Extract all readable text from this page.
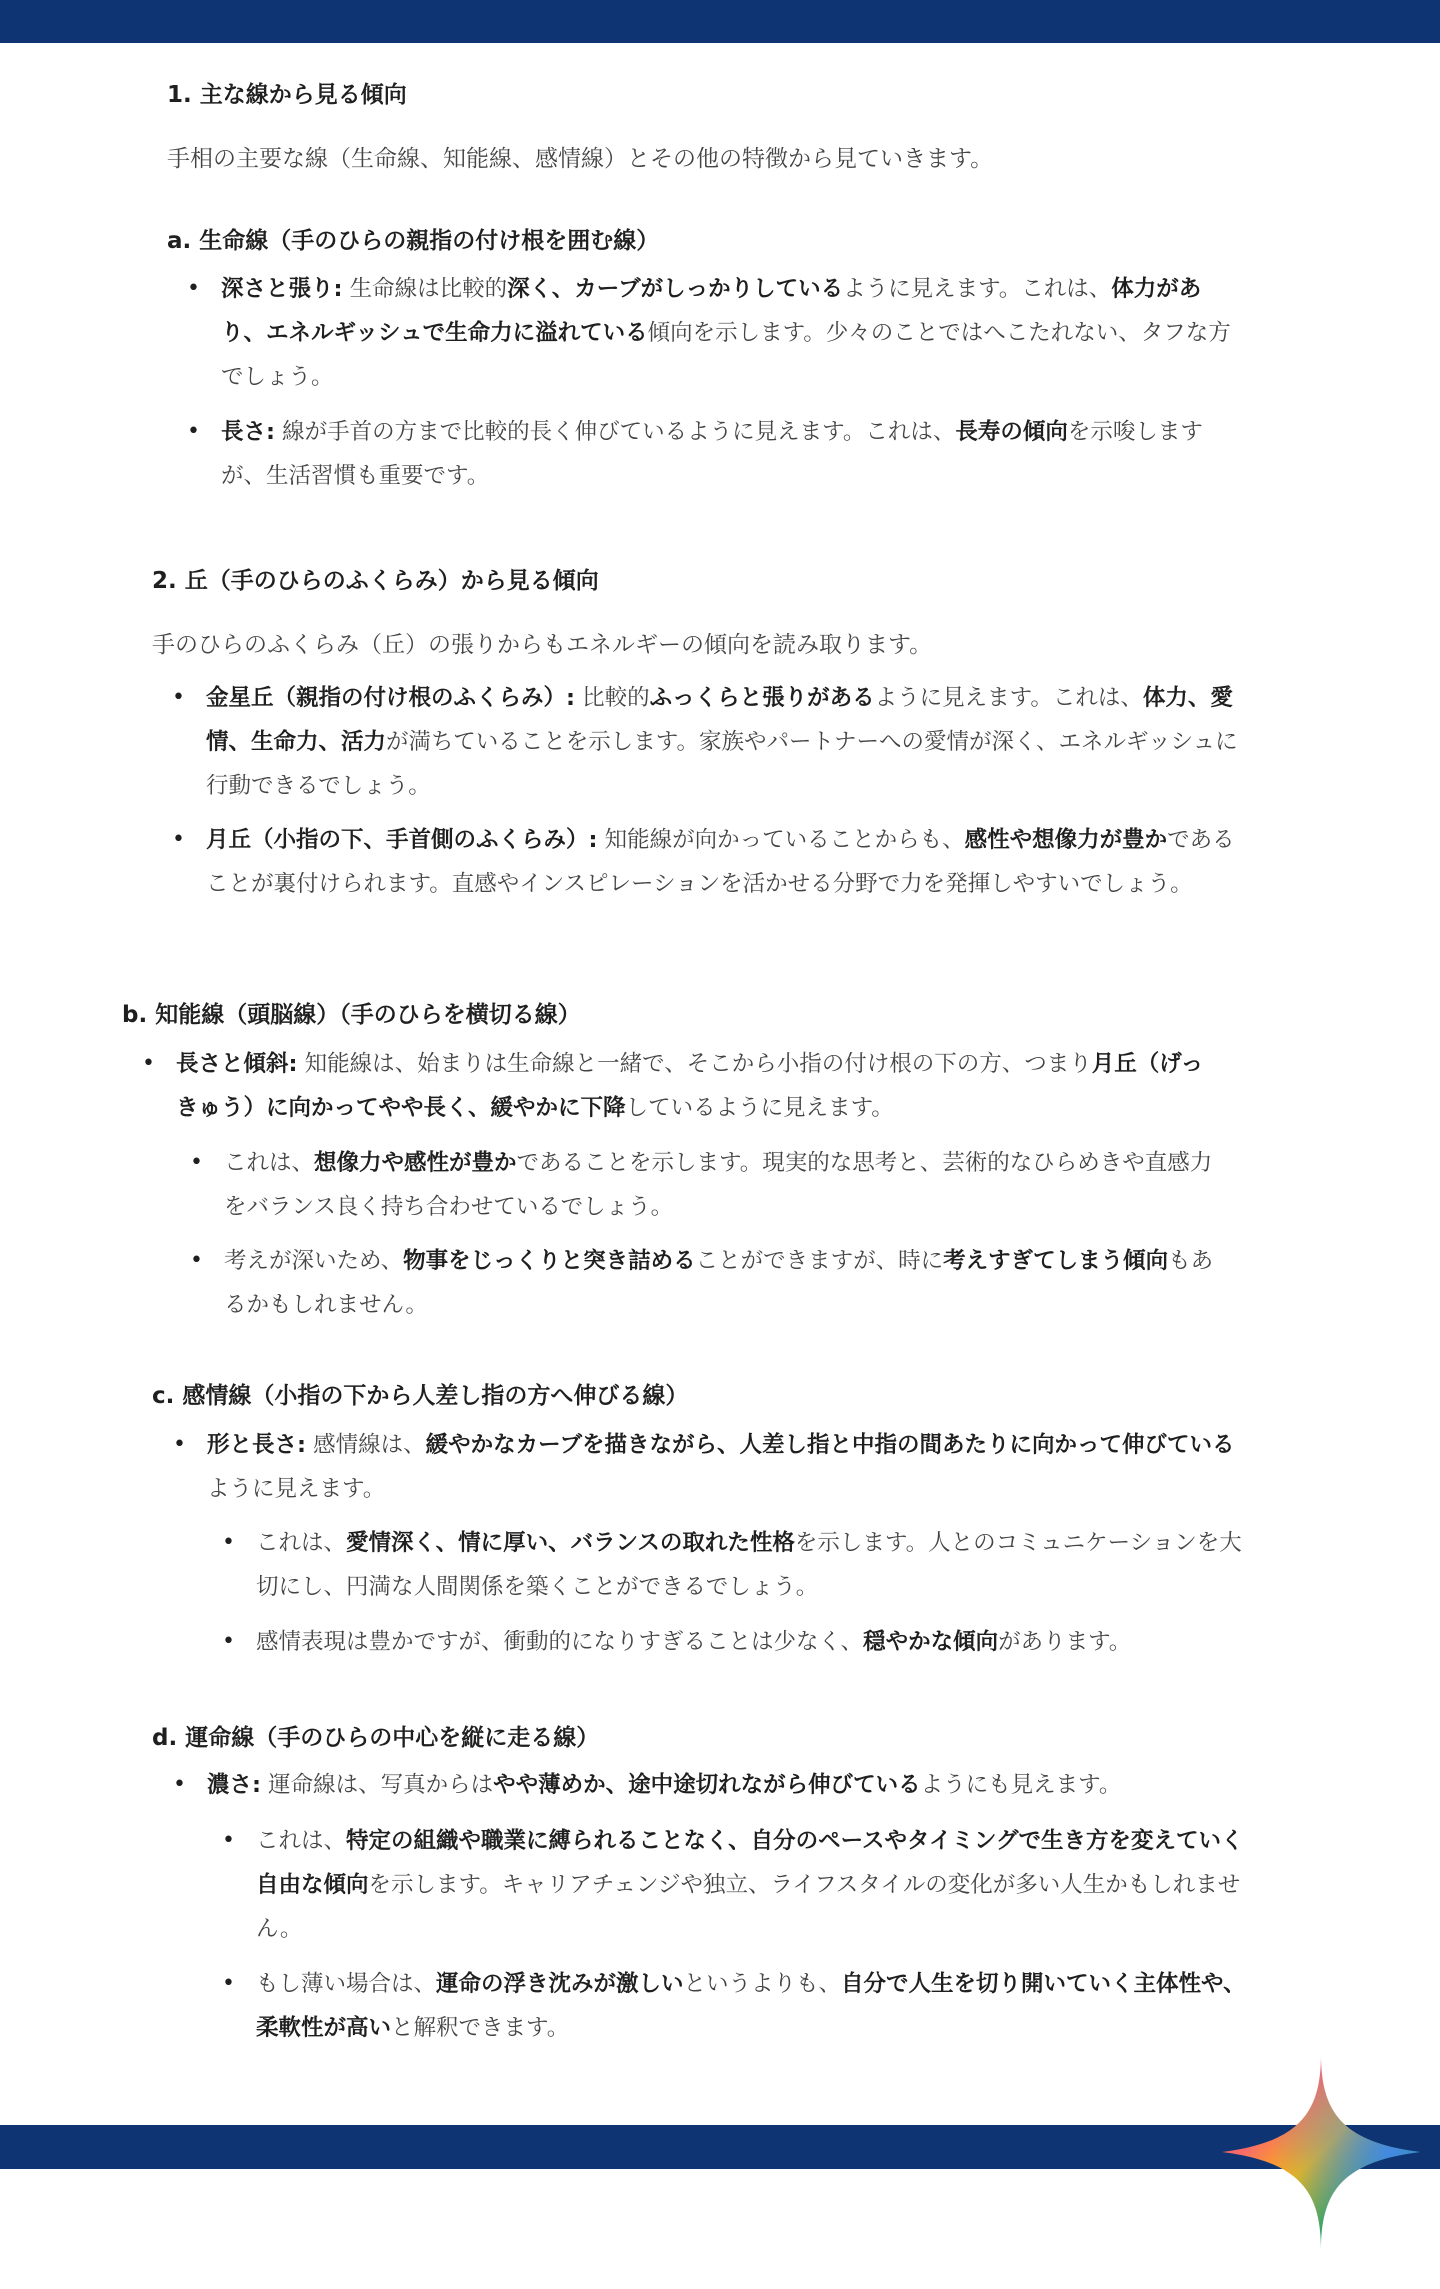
1. 主な線から見る傾向

手相の主要な線（生命線、知能線、感情線）とその他の特徴から見ていきます。

a. 生命線（手のひらの親指の付け根を囲む線）
• 深さと張り: 生命線は比較的深く、カーブがしっかりしているように見えます。これは、体力があり、エネルギッシュで生命力に溢れている傾向を示します。少々のことではへこたれない、タフな方でしょう。
• 長さ: 線が手首の方まで比較的長く伸びているように見えます。これは、長寿の傾向を示唆しますが、生活習慣も重要です。
2. 丘（手のひらのふくらみ）から見る傾向

手のひらのふくらみ（丘）の張りからもエネルギーの傾向を読み取ります。

• 金星丘（親指の付け根のふくらみ）: 比較的ふっくらと張りがあるように見えます。これは、体力、愛情、生命力、活力が満ちていることを示します。家族やパートナーへの愛情が深く、エネルギッシュに行動できるでしょう。
• 月丘（小指の下、手首側のふくらみ）: 知能線が向かっていることからも、感性や想像力が豊かであることが裏付けられます。直感やインスピレーションを活かせる分野で力を発揮しやすいでしょう。
b. 知能線（頭脳線）（手のひらを横切る線）
• 長さと傾斜: 知能線は、始まりは生命線と一緒で、そこから小指の付け根の下の方、つまり月丘（げっきゅう）に向かってやや長く、緩やかに下降しているように見えます。
• これは、想像力や感性が豊かであることを示します。現実的な思考と、芸術的なひらめきや直感力をバランス良く持ち合わせているでしょう。
• 考えが深いため、物事をじっくりと突き詰めることができますが、時に考えすぎてしまう傾向もあるかもしれません。
c. 感情線（小指の下から人差し指の方へ伸びる線）
• 形と長さ: 感情線は、緩やかなカーブを描きながら、人差し指と中指の間あたりに向かって伸びているように見えます。
• これは、愛情深く、情に厚い、バランスの取れた性格を示します。人とのコミュニケーションを大切にし、円満な人間関係を築くことができるでしょう。
• 感情表現は豊かですが、衝動的になりすぎることは少なく、穏やかな傾向があります。
d. 運命線（手のひらの中心を縦に走る線）
• 濃さ: 運命線は、写真からはやや薄めか、途中途切れながら伸びているようにも見えます。
• これは、特定の組織や職業に縛られることなく、自分のペースやタイミングで生き方を変えていく自由な傾向を示します。キャリアチェンジや独立、ライフスタイルの変化が多い人生かもしれません。
• もし薄い場合は、運命の浮き沈みが激しいというよりも、自分で人生を切り開いていく主体性や、柔軟性が高いと解釈できます。
